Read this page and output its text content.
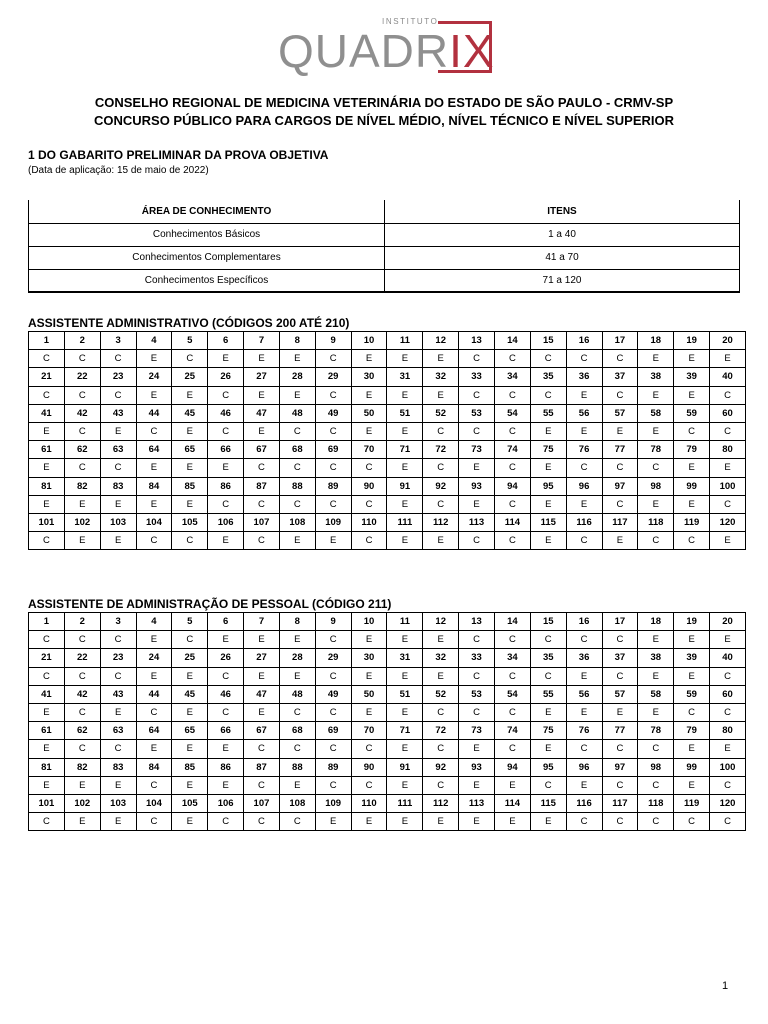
INSTITUTO
QUADRIX
CONSELHO REGIONAL DE MEDICINA VETERINÁRIA DO ESTADO DE SÃO PAULO - CRMV-SP
CONCURSO PÚBLICO PARA CARGOS DE NÍVEL MÉDIO, NÍVEL TÉCNICO E NÍVEL SUPERIOR
1 DO GABARITO PRELIMINAR DA PROVA OBJETIVA
(Data de aplicação: 15 de maio de 2022)
ÁREA DE CONHECIMENTO	ITENS
Conhecimentos Básicos	1 a 40
Conhecimentos Complementares	41 a 70
Conhecimentos Específicos	71 a 120
ASSISTENTE ADMINISTRATIVO (CÓDIGOS 200 ATÉ 210)
1	2	3	4	5	6	7	8	9	10	11	12	13	14	15	16	17	18	19	20
C	C	C	E	C	E	E	E	C	E	E	E	C	C	C	C	C	E	E	E
21	22	23	24	25	26	27	28	29	30	31	32	33	34	35	36	37	38	39	40
C	C	C	E	E	C	E	E	C	E	E	E	C	C	C	E	C	E	E	C
41	42	43	44	45	46	47	48	49	50	51	52	53	54	55	56	57	58	59	60
E	C	E	C	E	C	E	C	C	E	E	C	C	C	E	E	E	E	C	C
61	62	63	64	65	66	67	68	69	70	71	72	73	74	75	76	77	78	79	80
E	C	C	E	E	E	C	C	C	C	E	C	E	C	E	C	C	C	E	E
81	82	83	84	85	86	87	88	89	90	91	92	93	94	95	96	97	98	99	100
E	E	E	E	E	C	C	C	C	C	E	C	E	C	E	E	C	E	E	C
101	102	103	104	105	106	107	108	109	110	111	112	113	114	115	116	117	118	119	120
C	E	E	C	C	E	C	E	E	C	E	E	C	C	E	C	E	C	C	E
ASSISTENTE DE ADMINISTRAÇÃO DE PESSOAL (CÓDIGO 211)
1	2	3	4	5	6	7	8	9	10	11	12	13	14	15	16	17	18	19	20
C	C	C	E	C	E	E	E	C	E	E	E	C	C	C	C	C	E	E	E
21	22	23	24	25	26	27	28	29	30	31	32	33	34	35	36	37	38	39	40
C	C	C	E	E	C	E	E	C	E	E	E	C	C	C	E	C	E	E	C
41	42	43	44	45	46	47	48	49	50	51	52	53	54	55	56	57	58	59	60
E	C	E	C	E	C	E	C	C	E	E	C	C	C	E	E	E	E	C	C
61	62	63	64	65	66	67	68	69	70	71	72	73	74	75	76	77	78	79	80
E	C	C	E	E	E	C	C	C	C	E	C	E	C	E	C	C	C	E	E
81	82	83	84	85	86	87	88	89	90	91	92	93	94	95	96	97	98	99	100
E	E	E	C	E	E	C	E	C	C	E	C	E	E	C	E	C	C	E	C
101	102	103	104	105	106	107	108	109	110	111	112	113	114	115	116	117	118	119	120
C	E	E	C	E	C	C	C	E	E	E	E	E	E	E	C	C	C	C	C
1
